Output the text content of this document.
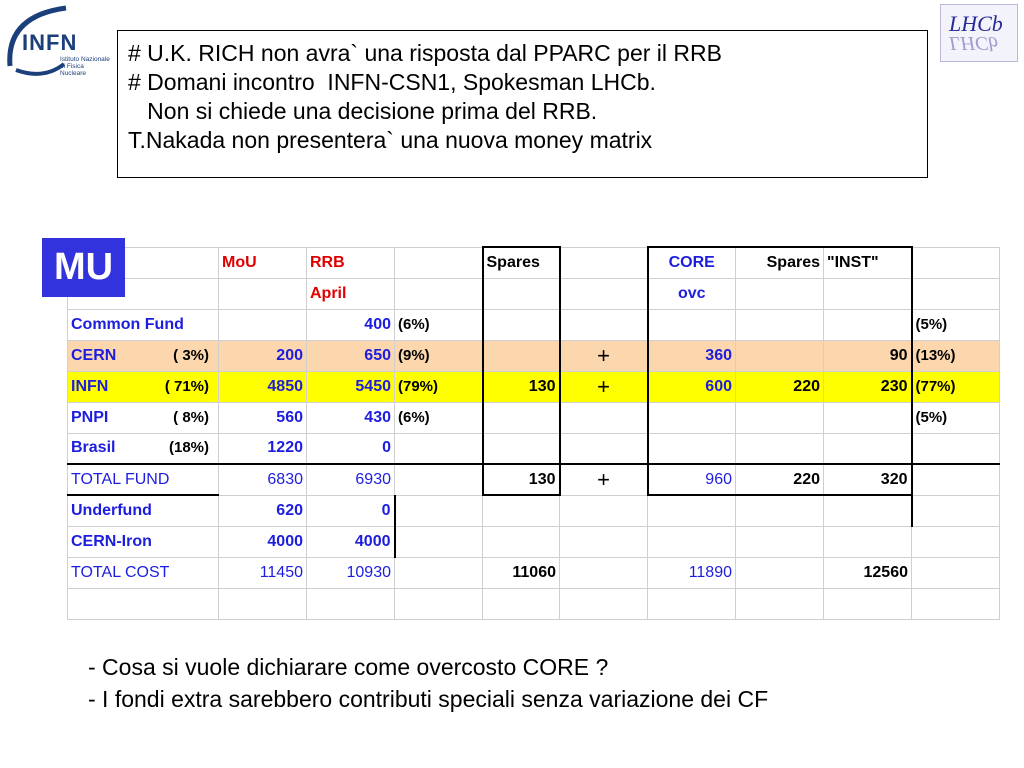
INFN
Istituto Nazionale
di Fisica Nucleare
LHCb
LHCb
# U.K. RICH non avra` una risposta dal PPARC per il RRB
# Domani incontro  INFN-CSN1, Spokesman LHCb.
Non si chiede una decisione prima del RRB.
T.Nakada non presentera` una nuova money matrix
MU
		MoU	RRB		Spares		CORE	Spares	"INST"	
		April				ovc			
Common Fund		400	(6%)						(5%)

CERN ( 3%)	200	650	(9%)		+	360		90	(13%)

INFN ( 71%)	4850	5450	(79%)	130	+	600	220	230	(77%)

PNPI ( 8%)	560	430	(6%)						(5%)

Brasil (18%)	1220	0							
TOTAL FUND	6830	6930		130	+	960	220	320	
Underfund	620	0							
CERN-Iron	4000	4000							
TOTAL COST	11450	10930		11060		11890		12560	

- Cosa si vuole dichiarare come overcosto CORE ?
- I fondi extra sarebbero contributi speciali senza variazione dei CF
